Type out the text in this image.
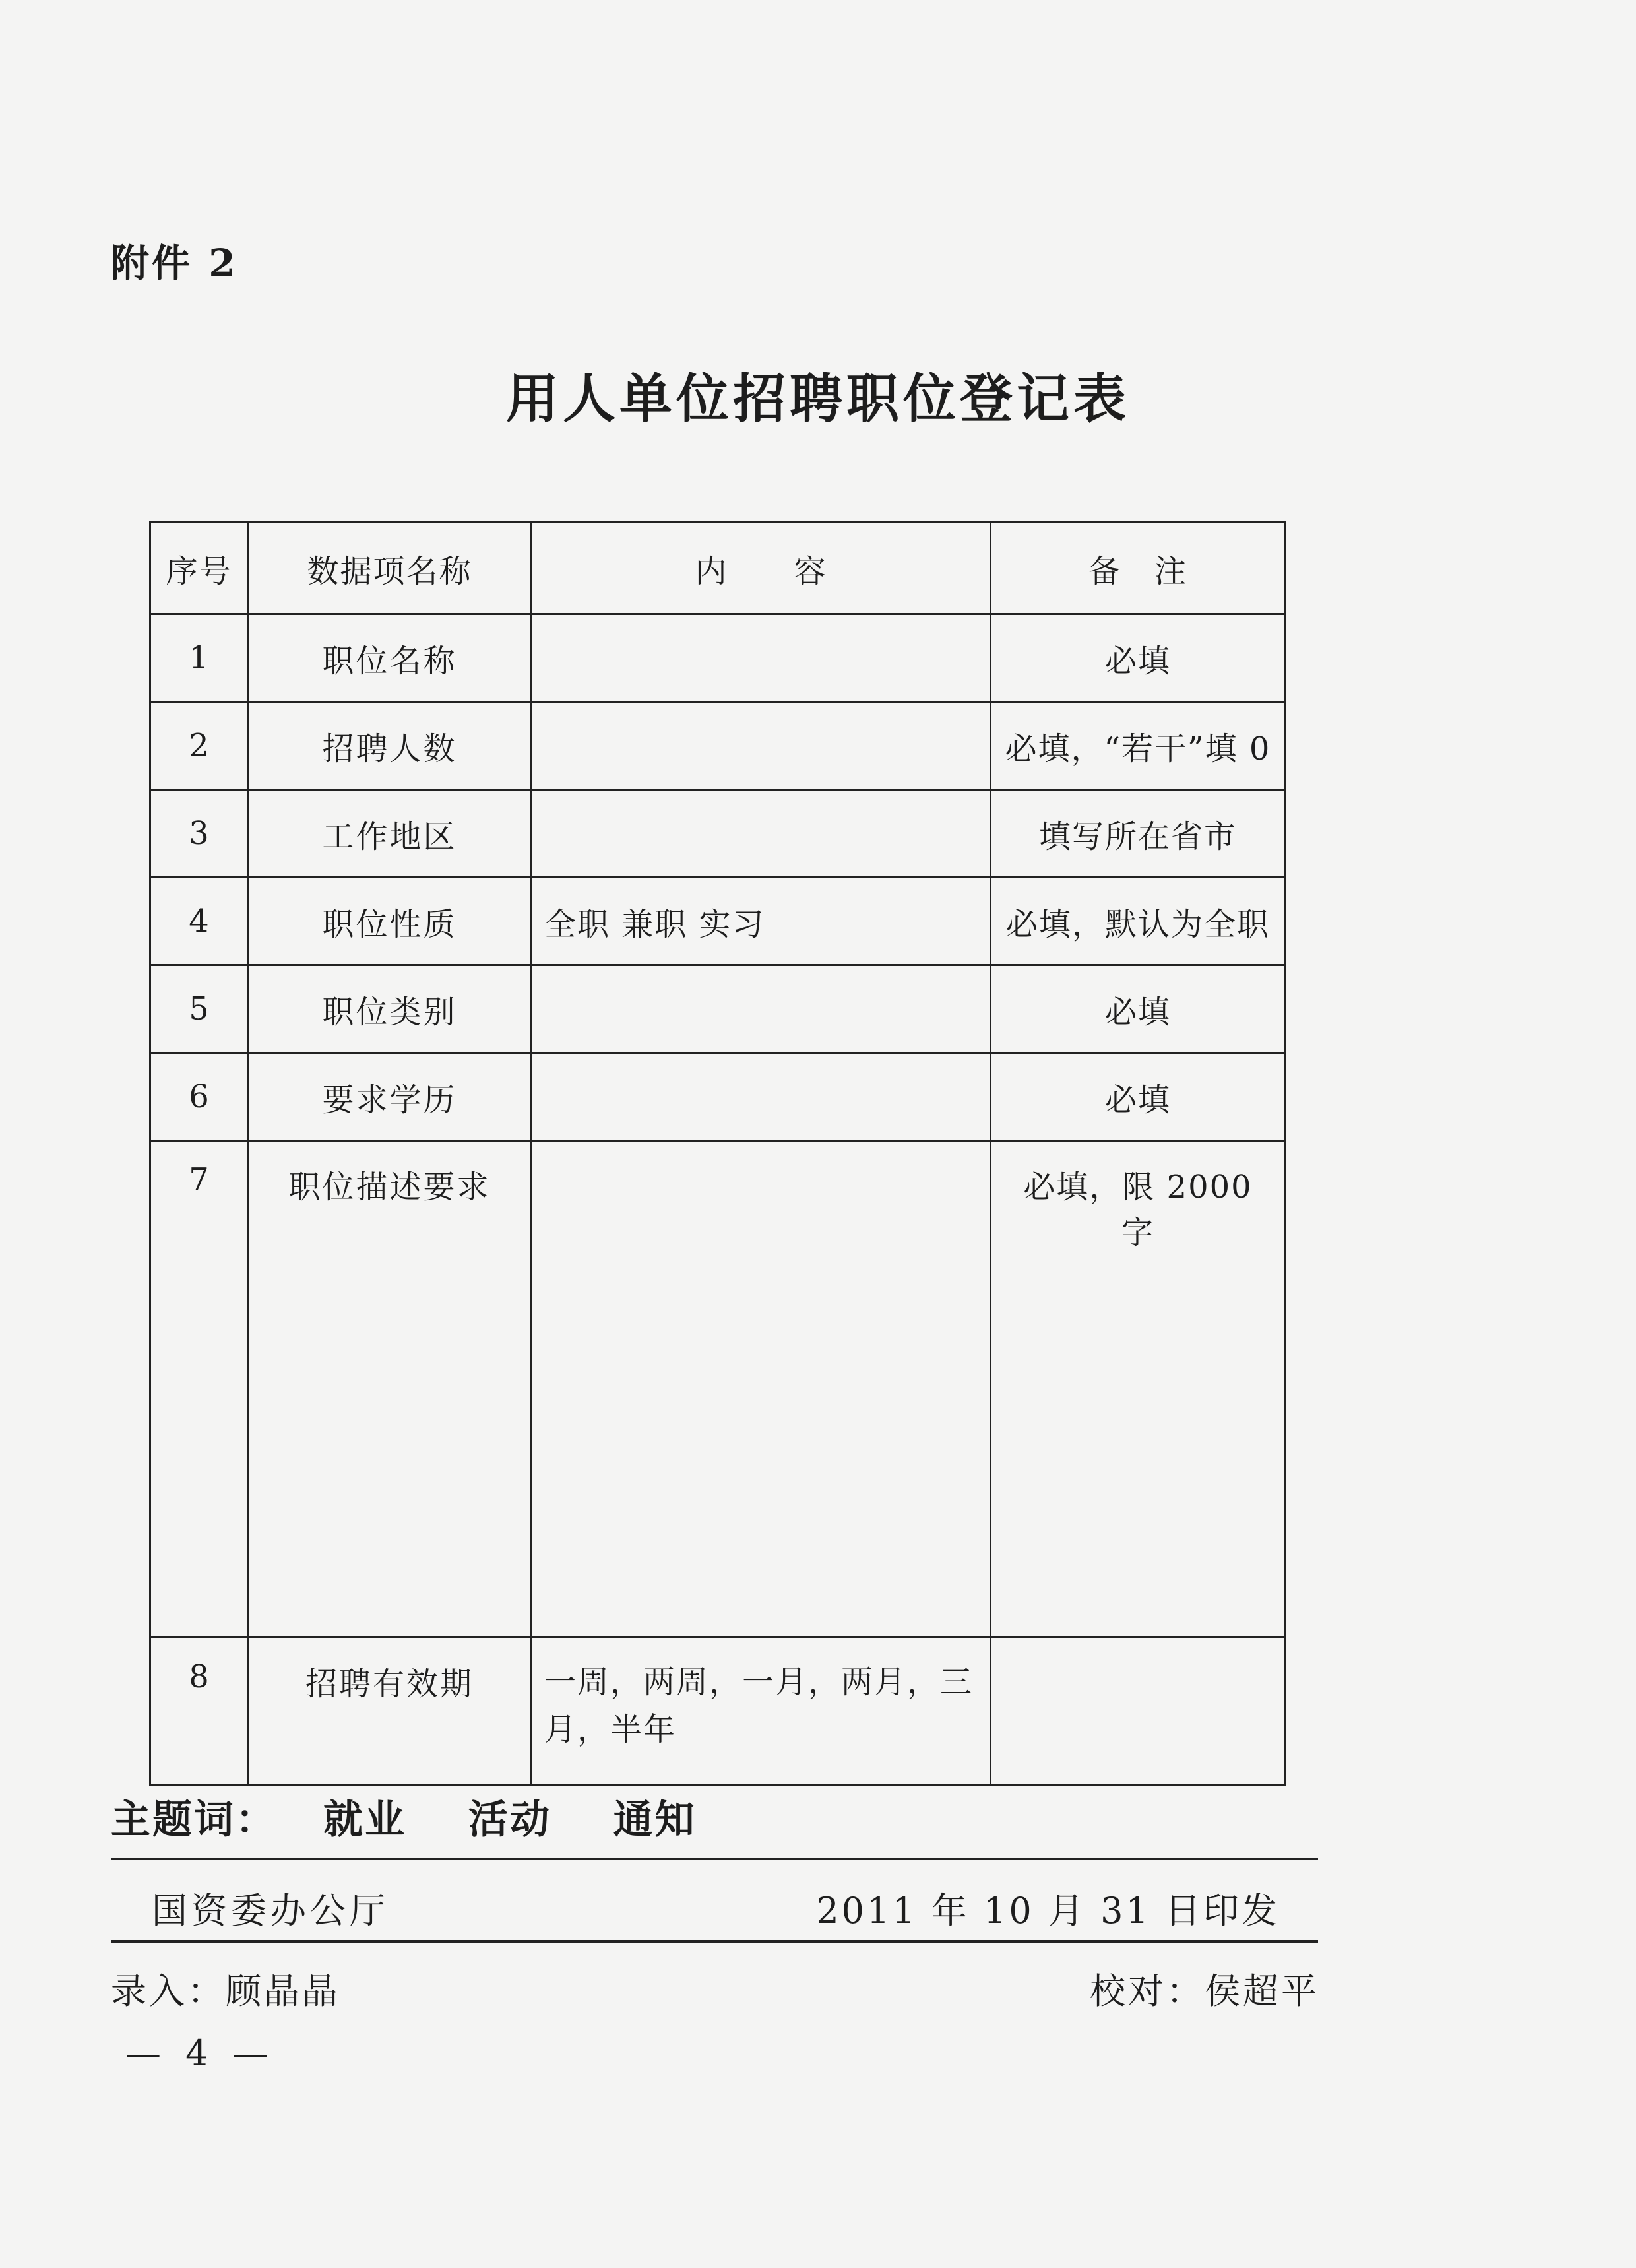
附件 2
用人单位招聘职位登记表
序号	数据项名称	内　　容	备　注
1	职位名称		必填
2	招聘人数		必填，“若干”填 0
3	工作地区		填写所在省市
4	职位性质	全职 兼职 实习	必填，默认为全职
5	职位类别		必填
6	要求学历		必填
7	职位描述要求		必填，限 2000 字
8	招聘有效期	一周，两周，一月，两月，三月，半年	
主题词： 就业 活动 通知
国资委办公厅	2011 年 10 月 31 日印发
录入：顾晶晶	校对：侯超平
— 4 —
